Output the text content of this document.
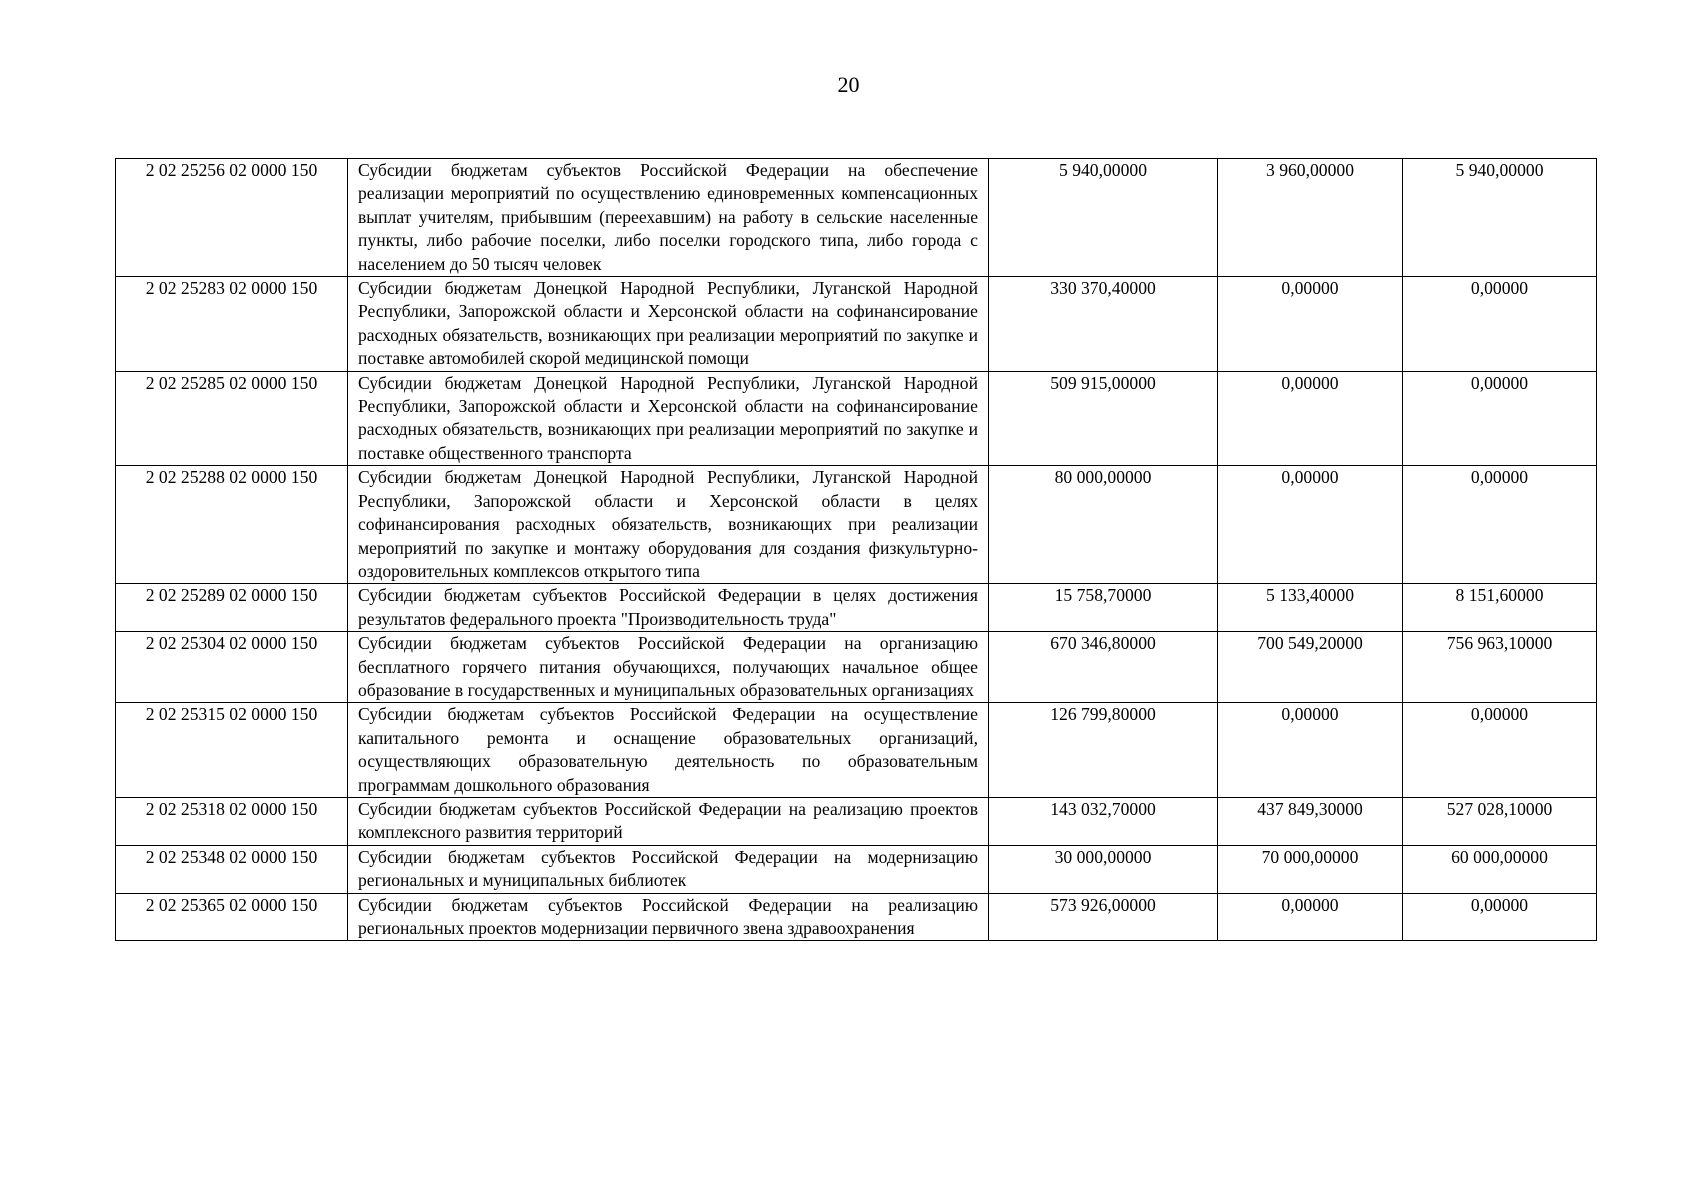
20
2 02 25256 02 0000 150	Субсидии бюджетам субъектов Российской Федерации на обеспечение реализации мероприятий по осуществлению единовременных компенсационных выплат учителям, прибывшим (переехавшим) на работу в сельские населенные пункты, либо рабочие поселки, либо поселки городского типа, либо города с населением до 50 тысяч человек	5 940,00000	3 960,00000	5 940,00000
2 02 25283 02 0000 150	Субсидии бюджетам Донецкой Народной Республики, Луганской Народной Республики, Запорожской области и Херсонской области на софинансирование расходных обязательств, возникающих при реализации мероприятий по закупке и поставке автомобилей скорой медицинской помощи	330 370,40000	0,00000	0,00000
2 02 25285 02 0000 150	Субсидии бюджетам Донецкой Народной Республики, Луганской Народной Республики, Запорожской области и Херсонской области на софинансирование расходных обязательств, возникающих при реализации мероприятий по закупке и поставке общественного транспорта	509 915,00000	0,00000	0,00000
2 02 25288 02 0000 150	Субсидии бюджетам Донецкой Народной Республики, Луганской Народной Республики, Запорожской области и Херсонской области в целях софинансирования расходных обязательств, возникающих при реализации мероприятий по закупке и монтажу оборудования для создания физкультурно-оздоровительных комплексов открытого типа	80 000,00000	0,00000	0,00000
2 02 25289 02 0000 150	Субсидии бюджетам субъектов Российской Федерации в целях достижения результатов федерального проекта "Производительность труда"	15 758,70000	5 133,40000	8 151,60000
2 02 25304 02 0000 150	Субсидии бюджетам субъектов Российской Федерации на организацию бесплатного горячего питания обучающихся, получающих начальное общее образование в государственных и муниципальных образовательных организациях	670 346,80000	700 549,20000	756 963,10000
2 02 25315 02 0000 150	Субсидии бюджетам субъектов Российской Федерации на осуществление капитального ремонта и оснащение образовательных организаций, осуществляющих образовательную деятельность по образовательным программам дошкольного образования	126 799,80000	0,00000	0,00000
2 02 25318 02 0000 150	Субсидии бюджетам субъектов Российской Федерации на реализацию проектов комплексного развития территорий	143 032,70000	437 849,30000	527 028,10000
2 02 25348 02 0000 150	Субсидии бюджетам субъектов Российской Федерации на модернизацию региональных и муниципальных библиотек	30 000,00000	70 000,00000	60 000,00000
2 02 25365 02 0000 150	Субсидии бюджетам субъектов Российской Федерации на реализацию региональных проектов модернизации первичного звена здравоохранения	573 926,00000	0,00000	0,00000
